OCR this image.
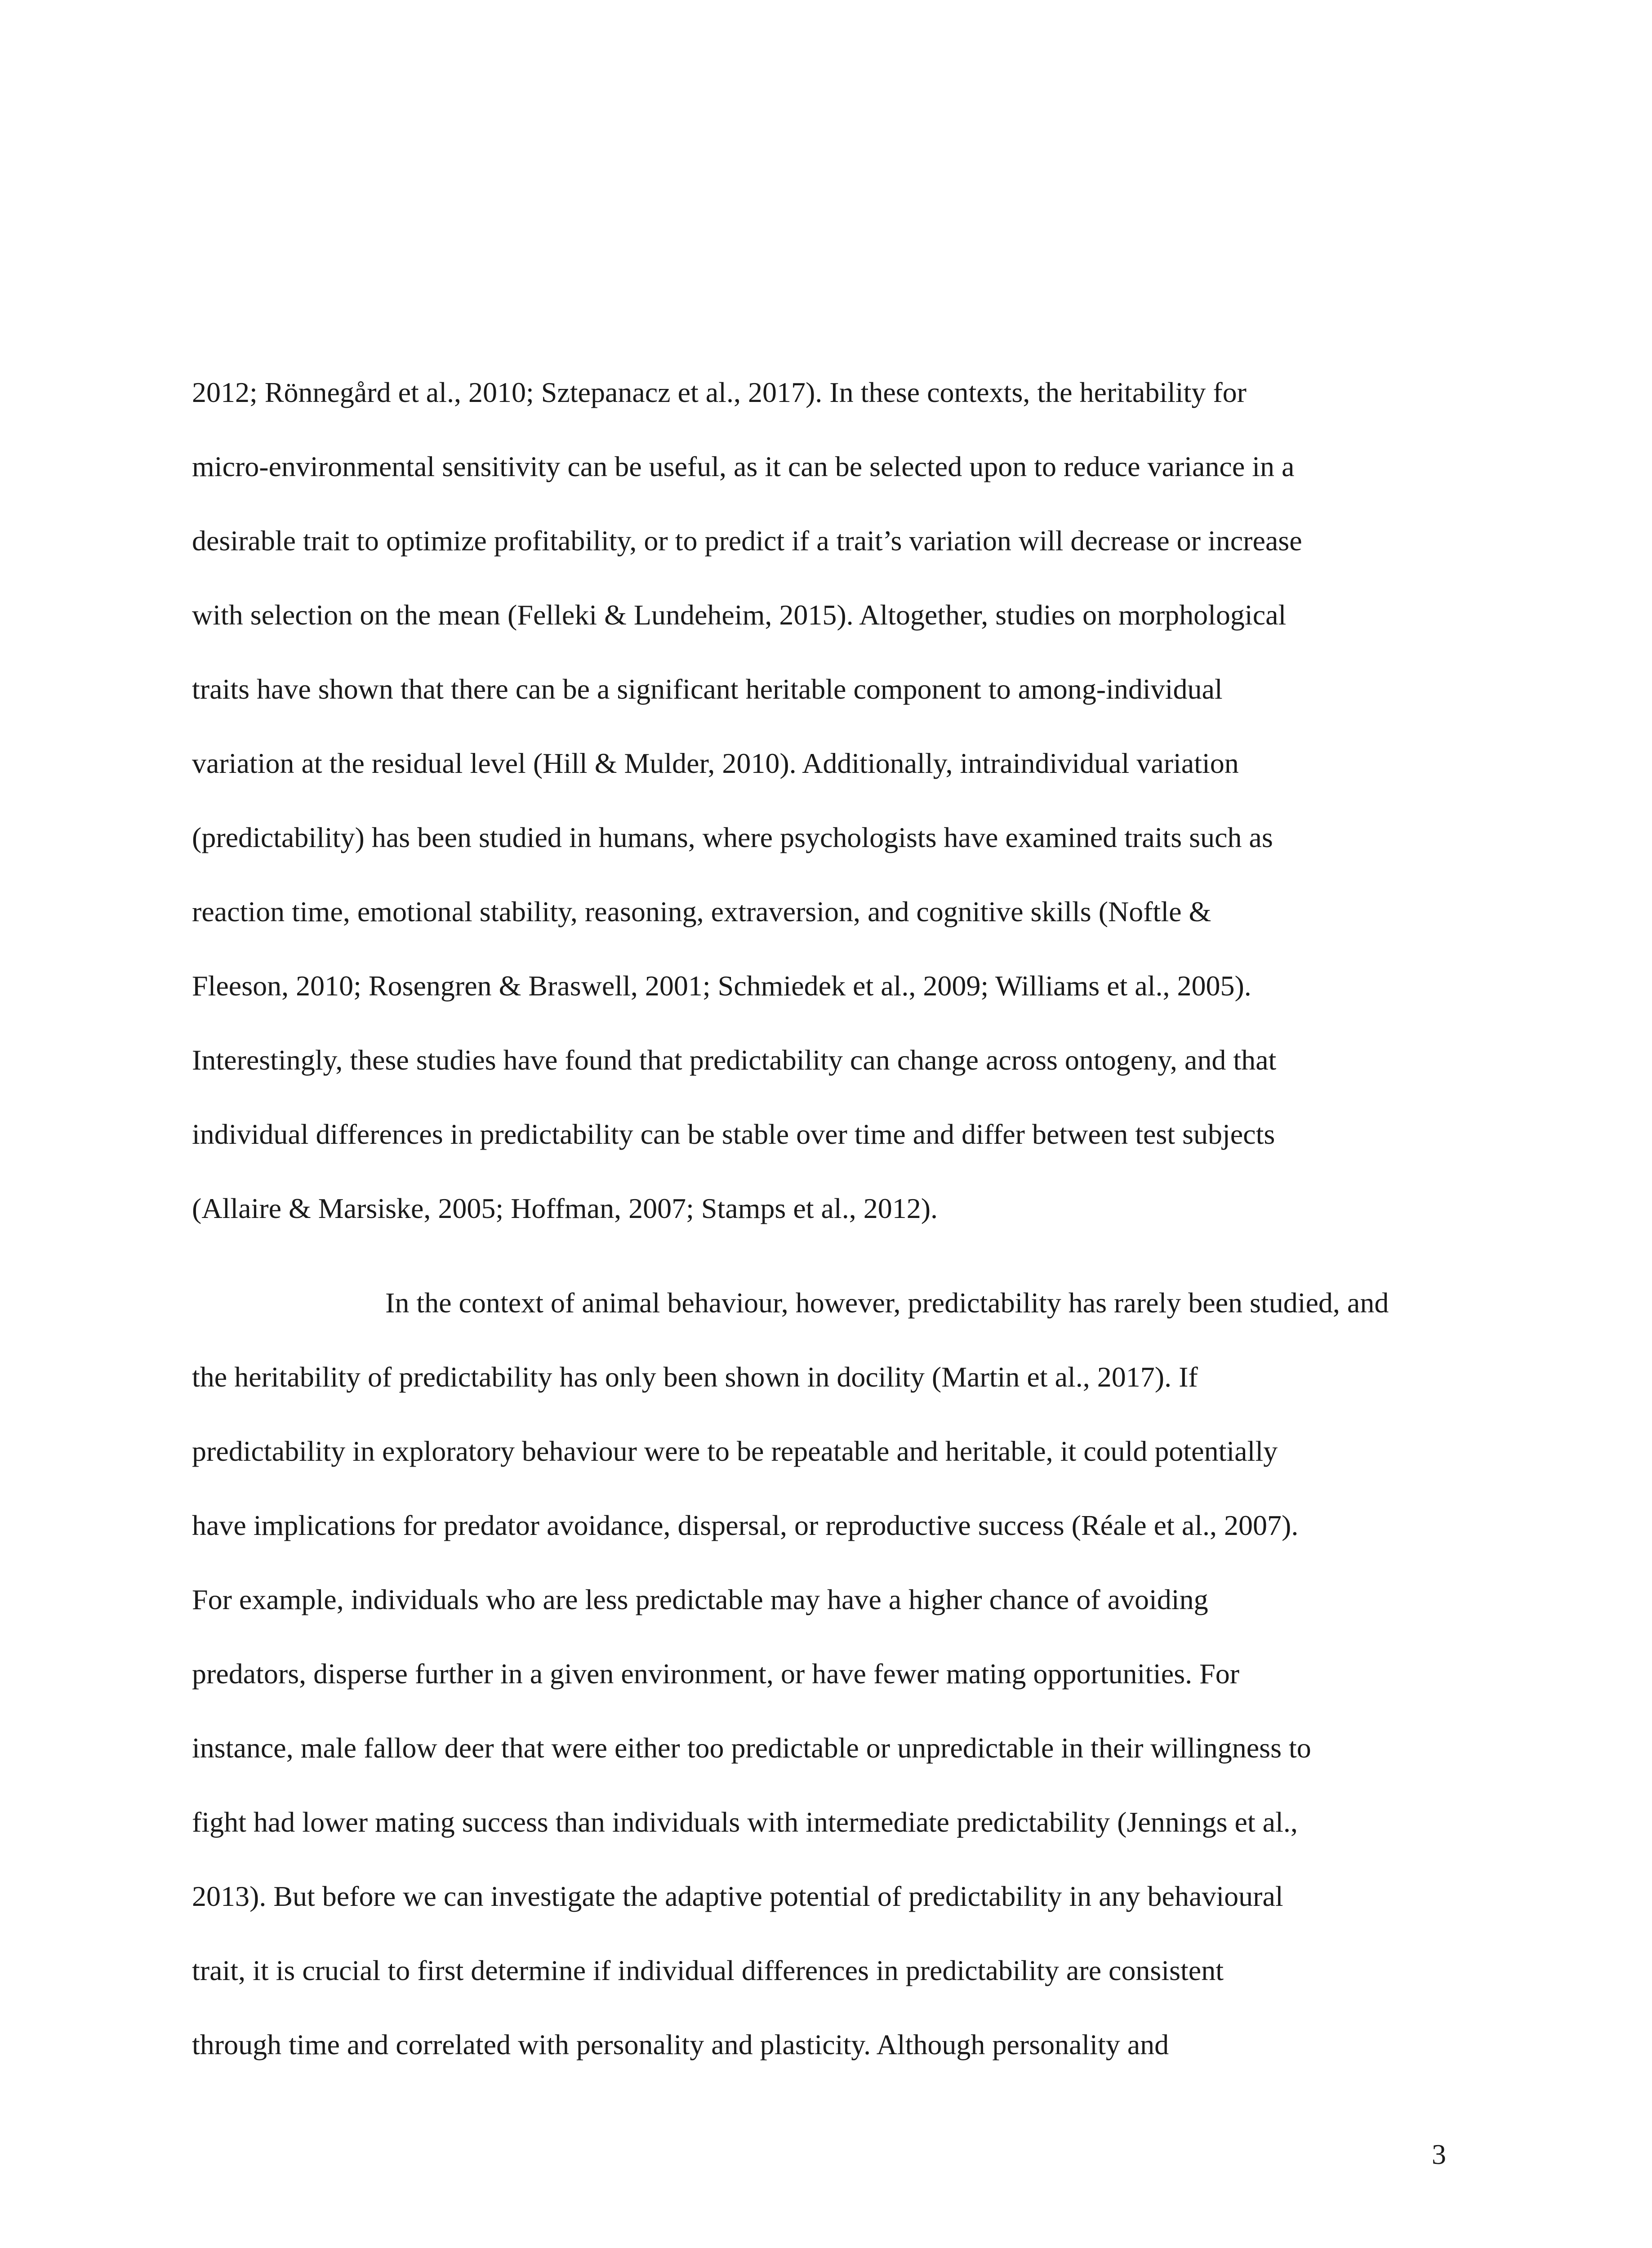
2012; Rönnegård et al., 2010; Sztepanacz et al., 2017). In these contexts, the heritability for
micro-environmental sensitivity can be useful, as it can be selected upon to reduce variance in a
desirable trait to optimize profitability, or to predict if a trait’s variation will decrease or increase
with selection on the mean (Felleki & Lundeheim, 2015). Altogether, studies on morphological
traits have shown that there can be a significant heritable component to among-individual
variation at the residual level (Hill & Mulder, 2010). Additionally, intraindividual variation
(predictability) has been studied in humans, where psychologists have examined traits such as
reaction time, emotional stability, reasoning, extraversion, and cognitive skills (Noftle &
Fleeson, 2010; Rosengren & Braswell, 2001; Schmiedek et al., 2009; Williams et al., 2005).
Interestingly, these studies have found that predictability can change across ontogeny, and that
individual differences in predictability can be stable over time and differ between test subjects
(Allaire & Marsiske, 2005; Hoffman, 2007; Stamps et al., 2012).

In the context of animal behaviour, however, predictability has rarely been studied, and
the heritability of predictability has only been shown in docility (Martin et al., 2017). If
predictability in exploratory behaviour were to be repeatable and heritable, it could potentially
have implications for predator avoidance, dispersal, or reproductive success (Réale et al., 2007).
For example, individuals who are less predictable may have a higher chance of avoiding
predators, disperse further in a given environment, or have fewer mating opportunities. For
instance, male fallow deer that were either too predictable or unpredictable in their willingness to
fight had lower mating success than individuals with intermediate predictability (Jennings et al.,
2013). But before we can investigate the adaptive potential of predictability in any behavioural
trait, it is crucial to first determine if individual differences in predictability are consistent
through time and correlated with personality and plasticity. Although personality and

3
